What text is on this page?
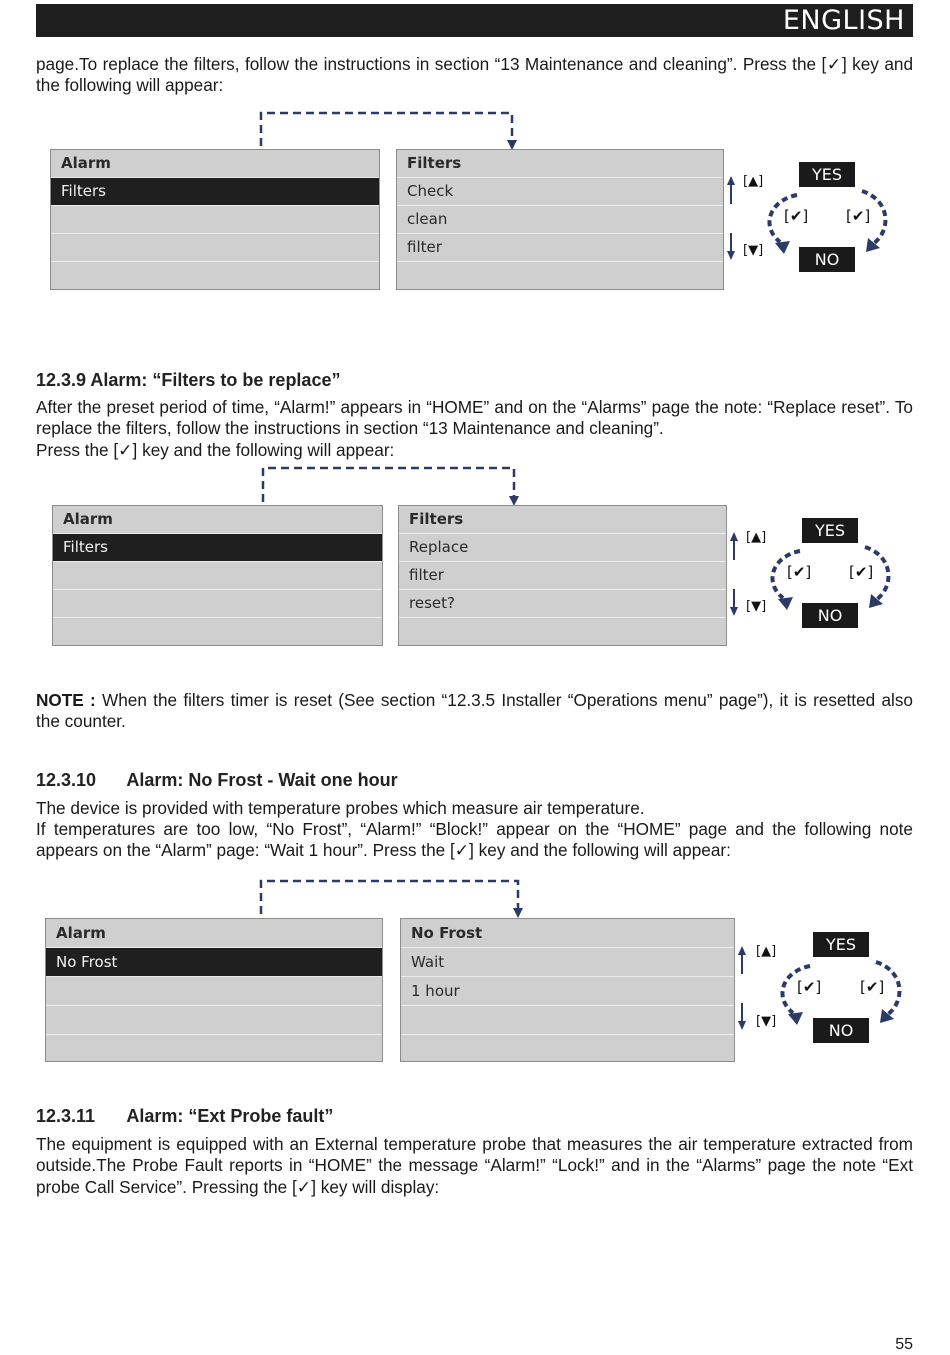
ENGLISH

page.To replace the filters, follow the instructions in section “13 Maintenance and cleaning”. Press the [✓] key and the following will appear:

Alarm
Filters
Filters
Check
clean
filter
[▲]
[▼]
YES
NO
[✔]	[✔]
12.3.9 Alarm: “Filters to be replace”

After the preset period of time, “Alarm!” appears in “HOME” and on the “Alarms” page the note: “Replace reset”. To replace the filters, follow the instructions in section “13 Maintenance and cleaning”.

Press the [✓] key and the following will appear:

Alarm
Filters
Filters
Replace
filter
reset?
[▲]
[▼]
YES
NO
[✔]	[✔]

NOTE : When the filters timer is reset (See section “12.3.5 Installer “Operations menu” page”), it is resetted also the counter.

12.3.10 Alarm: No Frost - Wait one hour

The device is provided with temperature probes which measure air temperature.

If temperatures are too low, “No Frost”, “Alarm!” “Block!” appear on the “HOME” page and the following note appears on the “Alarm” page: “Wait 1 hour”. Press the [✓] key and the following will appear:

Alarm
No Frost
No Frost
Wait
1 hour
[▲]
[▼]
YES
NO
[✔]	[✔]
12.3.11 Alarm: “Ext Probe fault”

The equipment is equipped with an External temperature probe that measures the air temperature extracted from outside.The Probe Fault reports in “HOME” the message “Alarm!” “Lock!” and in the “Alarms” page the note “Ext probe Call Service”. Pressing the [✓] key will display:

55
